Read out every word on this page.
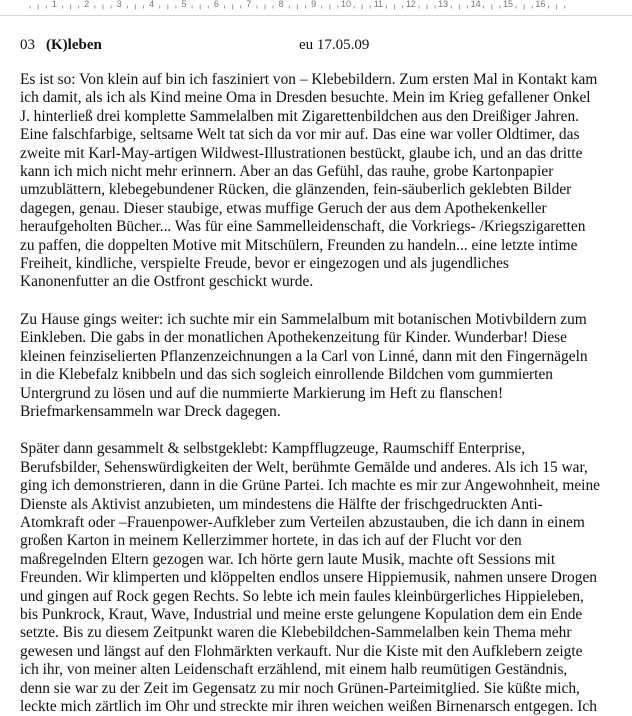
1	2	3	4	5	6	7	8	9	10	11	12 13 14 15 16
03 (K)leben	eu 17.05.09

Es ist so: Von klein auf bin ich fasziniert von – Klebebildern. Zum ersten Mal in Kontakt kam
ich damit, als ich als Kind meine Oma in Dresden besuchte. Mein im Krieg gefallener Onkel
J. hinterließ drei komplette Sammelalben mit Zigarettenbildchen aus den Dreißiger Jahren.
Eine falschfarbige, seltsame Welt tat sich da vor mir auf. Das eine war voller Oldtimer, das
zweite mit Karl-May-artigen Wildwest-Illustrationen bestückt, glaube ich, und an das dritte
kann ich mich nicht mehr erinnern. Aber an das Gefühl, das rauhe, grobe Kartonpapier
umzublättern, klebegebundener Rücken, die glänzenden, fein-säuberlich geklebten Bilder
dagegen, genau. Dieser staubige, etwas muffige Geruch der aus dem Apothekenkeller
heraufgeholten Bücher... Was für eine Sammelleidenschaft, die Vorkriegs- /Kriegszigaretten
zu paffen, die doppelten Motive mit Mitschülern, Freunden zu handeln... eine letzte intime
Freiheit, kindliche, verspielte Freude, bevor er eingezogen und als jugendliches
Kanonenfutter an die Ostfront geschickt wurde.

Zu Hause gings weiter: ich suchte mir ein Sammelalbum mit botanischen Motivbildern zum
Einkleben. Die gabs in der monatlichen Apothekenzeitung für Kinder. Wunderbar! Diese
kleinen feinziselierten Pflanzenzeichnungen a la Carl von Linné, dann mit den Fingernägeln
in die Klebefalz knibbeln und das sich sogleich einrollende Bildchen vom gummierten
Untergrund zu lösen und auf die nummierte Markierung im Heft zu flanschen!
Briefmarkensammeln war Dreck dagegen.

Später dann gesammelt & selbstgeklebt: Kampfflugzeuge, Raumschiff Enterprise,
Berufsbilder, Sehenswürdigkeiten der Welt, berühmte Gemälde und anderes. Als ich 15 war,
ging ich demonstrieren, dann in die Grüne Partei. Ich machte es mir zur Angewohnheit, meine
Dienste als Aktivist anzubieten, um mindestens die Hälfte der frischgedruckten Anti-
Atomkraft oder –Frauenpower-Aufkleber zum Verteilen abzustauben, die ich dann in einem
großen Karton in meinem Kellerzimmer hortete, in das ich auf der Flucht vor den
maßregelnden Eltern gezogen war. Ich hörte gern laute Musik, machte oft Sessions mit
Freunden. Wir klimperten und klöppelten endlos unsere Hippiemusik, nahmen unsere Drogen
und gingen auf Rock gegen Rechts. So lebte ich mein faules kleinbürgerliches Hippieleben,
bis Punkrock, Kraut, Wave, Industrial und meine erste gelungene Kopulation dem ein Ende
setzte. Bis zu diesem Zeitpunkt waren die Klebebildchen-Sammelalben kein Thema mehr
gewesen und längst auf den Flohmärkten verkauft. Nur die Kiste mit den Aufklebern zeigte
ich ihr, von meiner alten Leidenschaft erzählend, mit einem halb reumütigen Geständnis,
denn sie war zu der Zeit im Gegensatz zu mir noch Grünen-Parteimitglied. Sie küßte mich,
leckte mich zärtlich im Ohr und streckte mir ihren weichen weißen Birnenarsch entgegen. Ich
